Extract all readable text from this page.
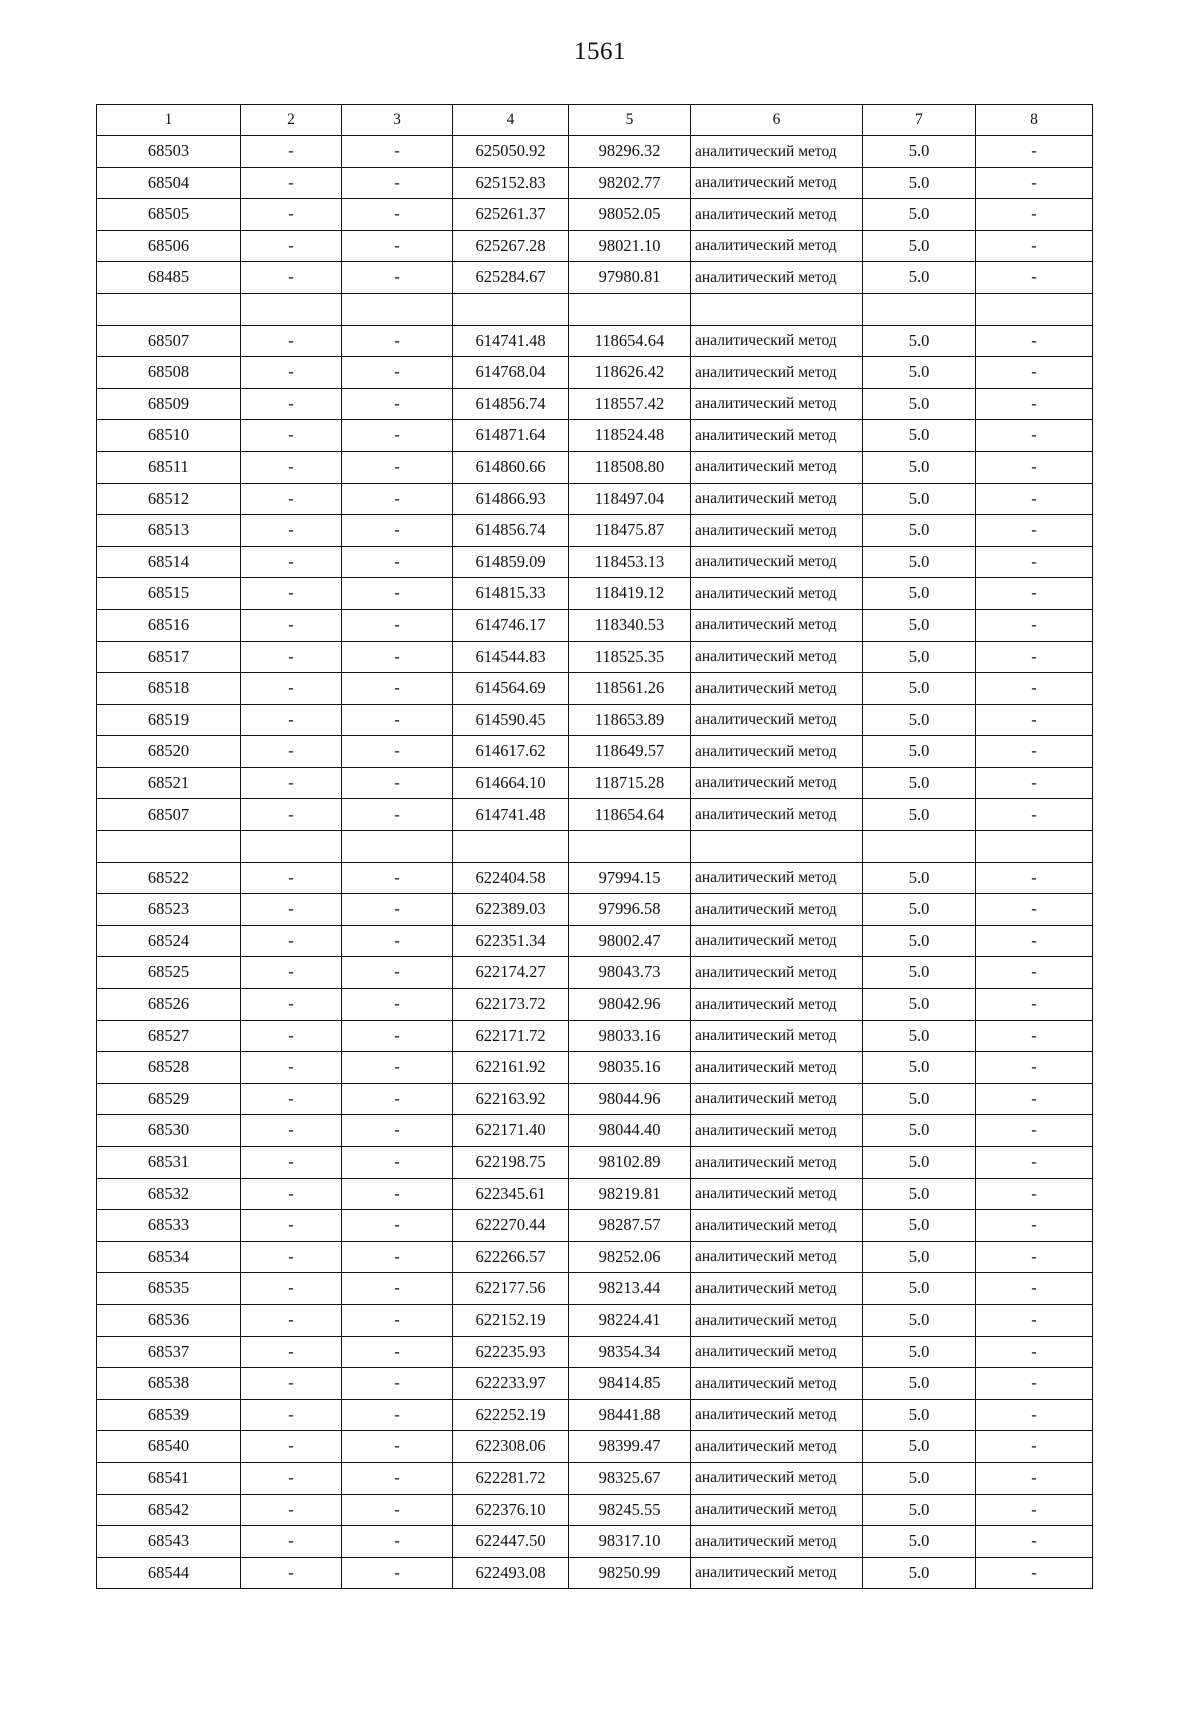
1561
1	2	3	4	5	6	7	8
68503	-	-	625050.92	98296.32	аналитический метод	5.0	-
68504	-	-	625152.83	98202.77	аналитический метод	5.0	-
68505	-	-	625261.37	98052.05	аналитический метод	5.0	-
68506	-	-	625267.28	98021.10	аналитический метод	5.0	-
68485	-	-	625284.67	97980.81	аналитический метод	5.0	-

68507	-	-	614741.48	118654.64	аналитический метод	5.0	-
68508	-	-	614768.04	118626.42	аналитический метод	5.0	-
68509	-	-	614856.74	118557.42	аналитический метод	5.0	-
68510	-	-	614871.64	118524.48	аналитический метод	5.0	-
68511	-	-	614860.66	118508.80	аналитический метод	5.0	-
68512	-	-	614866.93	118497.04	аналитический метод	5.0	-
68513	-	-	614856.74	118475.87	аналитический метод	5.0	-
68514	-	-	614859.09	118453.13	аналитический метод	5.0	-
68515	-	-	614815.33	118419.12	аналитический метод	5.0	-
68516	-	-	614746.17	118340.53	аналитический метод	5.0	-
68517	-	-	614544.83	118525.35	аналитический метод	5.0	-
68518	-	-	614564.69	118561.26	аналитический метод	5.0	-
68519	-	-	614590.45	118653.89	аналитический метод	5.0	-
68520	-	-	614617.62	118649.57	аналитический метод	5.0	-
68521	-	-	614664.10	118715.28	аналитический метод	5.0	-
68507	-	-	614741.48	118654.64	аналитический метод	5.0	-

68522	-	-	622404.58	97994.15	аналитический метод	5.0	-
68523	-	-	622389.03	97996.58	аналитический метод	5.0	-
68524	-	-	622351.34	98002.47	аналитический метод	5.0	-
68525	-	-	622174.27	98043.73	аналитический метод	5.0	-
68526	-	-	622173.72	98042.96	аналитический метод	5.0	-
68527	-	-	622171.72	98033.16	аналитический метод	5.0	-
68528	-	-	622161.92	98035.16	аналитический метод	5.0	-
68529	-	-	622163.92	98044.96	аналитический метод	5.0	-
68530	-	-	622171.40	98044.40	аналитический метод	5.0	-
68531	-	-	622198.75	98102.89	аналитический метод	5.0	-
68532	-	-	622345.61	98219.81	аналитический метод	5.0	-
68533	-	-	622270.44	98287.57	аналитический метод	5.0	-
68534	-	-	622266.57	98252.06	аналитический метод	5.0	-
68535	-	-	622177.56	98213.44	аналитический метод	5.0	-
68536	-	-	622152.19	98224.41	аналитический метод	5.0	-
68537	-	-	622235.93	98354.34	аналитический метод	5.0	-
68538	-	-	622233.97	98414.85	аналитический метод	5.0	-
68539	-	-	622252.19	98441.88	аналитический метод	5.0	-
68540	-	-	622308.06	98399.47	аналитический метод	5.0	-
68541	-	-	622281.72	98325.67	аналитический метод	5.0	-
68542	-	-	622376.10	98245.55	аналитический метод	5.0	-
68543	-	-	622447.50	98317.10	аналитический метод	5.0	-
68544	-	-	622493.08	98250.99	аналитический метод	5.0	-
